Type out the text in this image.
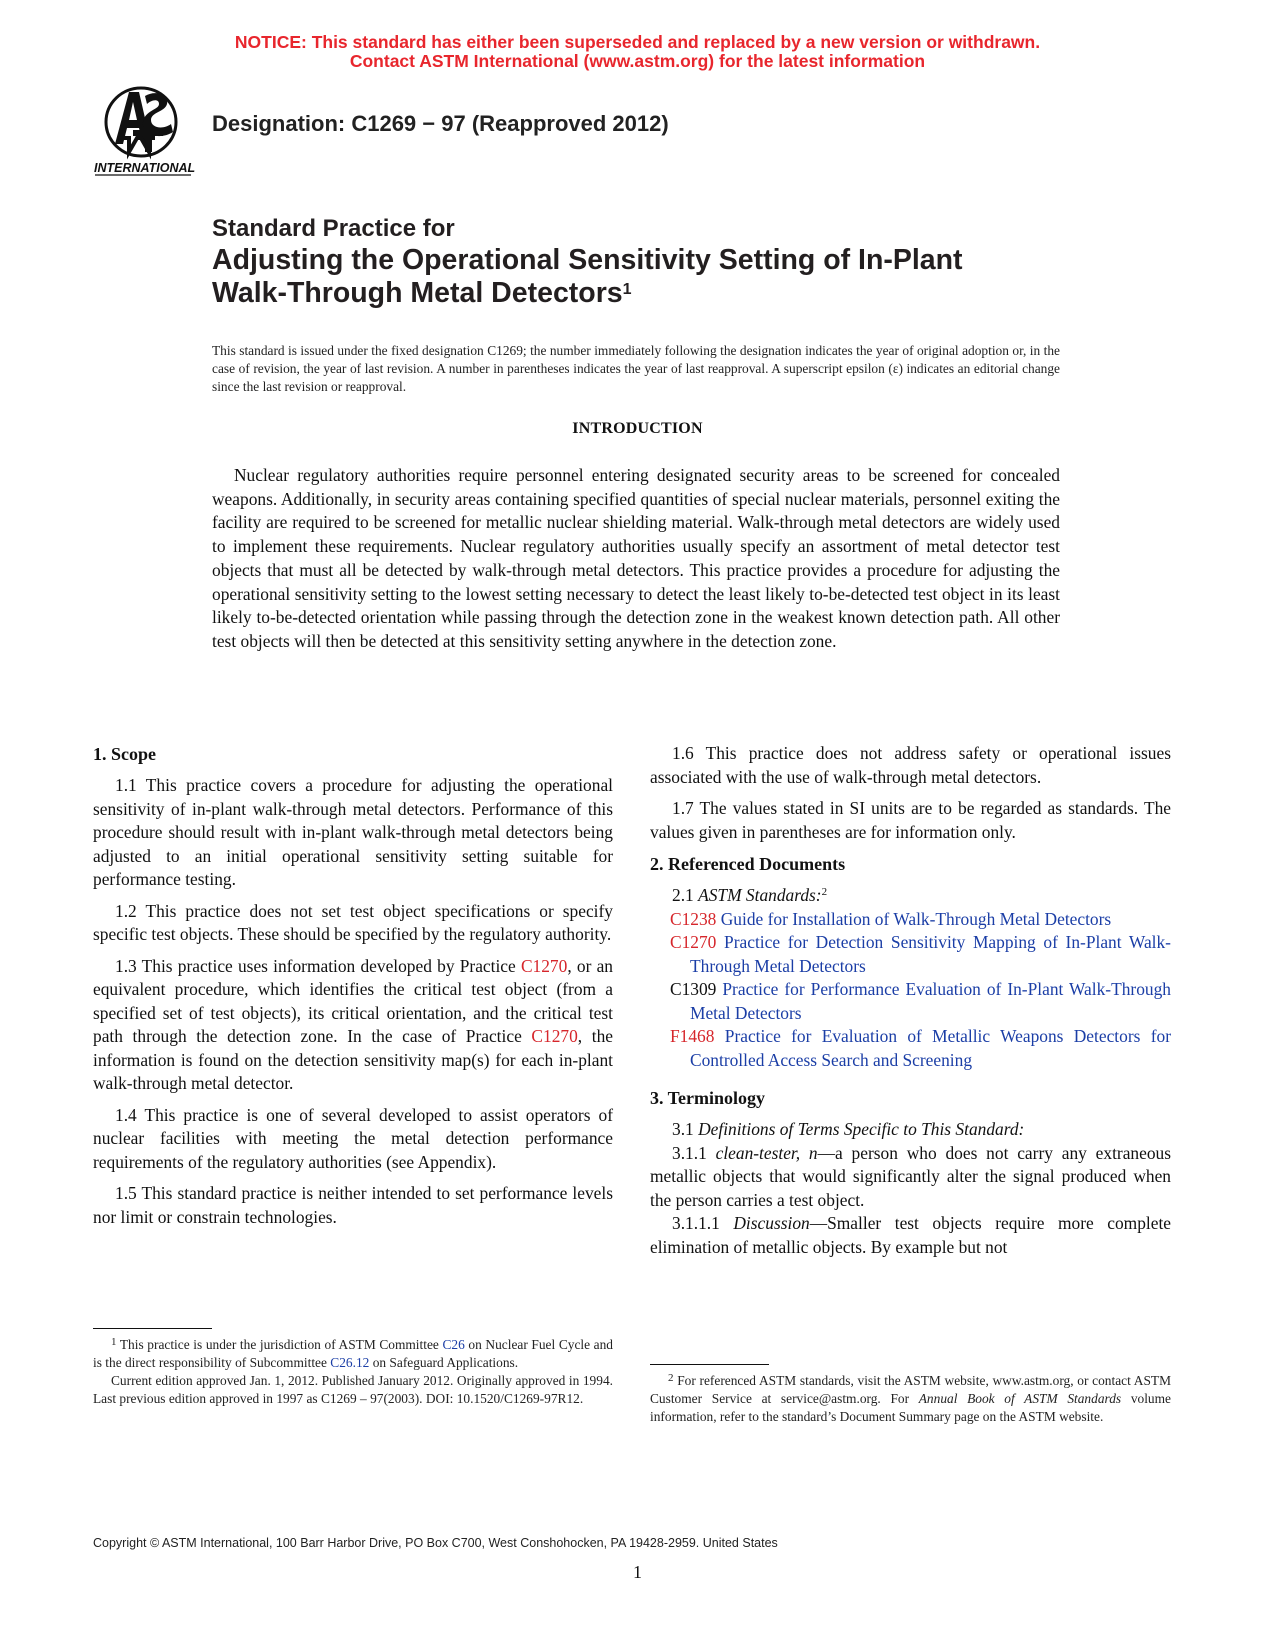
NOTICE: This standard has either been superseded and replaced by a new version or withdrawn.
Contact ASTM International (www.astm.org) for the latest information
INTERNATIONAL
Designation: C1269 − 97 (Reapproved 2012)
Standard Practice for
Adjusting the Operational Sensitivity Setting of In-Plant
Walk-Through Metal Detectors$^1$
This standard is issued under the fixed designation C1269; the number immediately following the designation indicates the year of original adoption or, in the case of revision, the year of last revision. A number in parentheses indicates the year of last reapproval. A superscript epsilon (ε) indicates an editorial change since the last revision or reapproval.
INTRODUCTION

Nuclear regulatory authorities require personnel entering designated security areas to be screened for concealed weapons. Additionally, in security areas containing specified quantities of special nuclear materials, personnel exiting the facility are required to be screened for metallic nuclear shielding material. Walk-through metal detectors are widely used to implement these requirements. Nuclear regulatory authorities usually specify an assortment of metal detector test objects that must all be detected by walk-through metal detectors. This practice provides a procedure for adjusting the operational sensitivity setting to the lowest setting necessary to detect the least likely to-be-detected test object in its least likely to-be-detected orientation while passing through the detection zone in the weakest known detection path. All other test objects will then be detected at this sensitivity setting anywhere in the detection zone.

1. Scope

1.1 This practice covers a procedure for adjusting the operational sensitivity of in-plant walk-through metal detectors. Performance of this procedure should result with in-plant walk-through metal detectors being adjusted to an initial operational sensitivity setting suitable for performance testing.

1.2 This practice does not set test object specifications or specify specific test objects. These should be specified by the regulatory authority.

1.3 This practice uses information developed by Practice C1270, or an equivalent procedure, which identifies the critical test object (from a specified set of test objects), its critical orientation, and the critical test path through the detection zone. In the case of Practice C1270, the information is found on the detection sensitivity map(s) for each in-plant walk-through metal detector.

1.4 This practice is one of several developed to assist operators of nuclear facilities with meeting the metal detection performance requirements of the regulatory authorities (see Appendix).

1.5 This standard practice is neither intended to set performance levels nor limit or constrain technologies.

1.6 This practice does not address safety or operational issues associated with the use of walk-through metal detectors.

1.7 The values stated in SI units are to be regarded as standards. The values given in parentheses are for information only.

2. Referenced Documents
2.1 ASTM Standards:$^2$
C1238 Guide for Installation of Walk-Through Metal Detectors
C1270 Practice for Detection Sensitivity Mapping of In-Plant Walk-Through Metal Detectors
C1309 Practice for Performance Evaluation of In-Plant Walk-Through Metal Detectors
F1468 Practice for Evaluation of Metallic Weapons Detectors for Controlled Access Search and Screening
3. Terminology

3.1 Definitions of Terms Specific to This Standard:

3.1.1 clean-tester, n—a person who does not carry any extraneous metallic objects that would significantly alter the signal produced when the person carries a test object.

3.1.1.1 Discussion—Smaller test objects require more complete elimination of metallic objects. By example but not

$^1$ This practice is under the jurisdiction of ASTM Committee C26 on Nuclear Fuel Cycle and is the direct responsibility of Subcommittee C26.12 on Safeguard Applications.

Current edition approved Jan. 1, 2012. Published January 2012. Originally approved in 1994. Last previous edition approved in 1997 as C1269 – 97(2003). DOI: 10.1520/C1269-97R12.

$^2$ For referenced ASTM standards, visit the ASTM website, www.astm.org, or contact ASTM Customer Service at service@astm.org. For Annual Book of ASTM Standards volume information, refer to the standard’s Document Summary page on the ASTM website.

Copyright © ASTM International, 100 Barr Harbor Drive, PO Box C700, West Conshohocken, PA 19428-2959. United States
1
